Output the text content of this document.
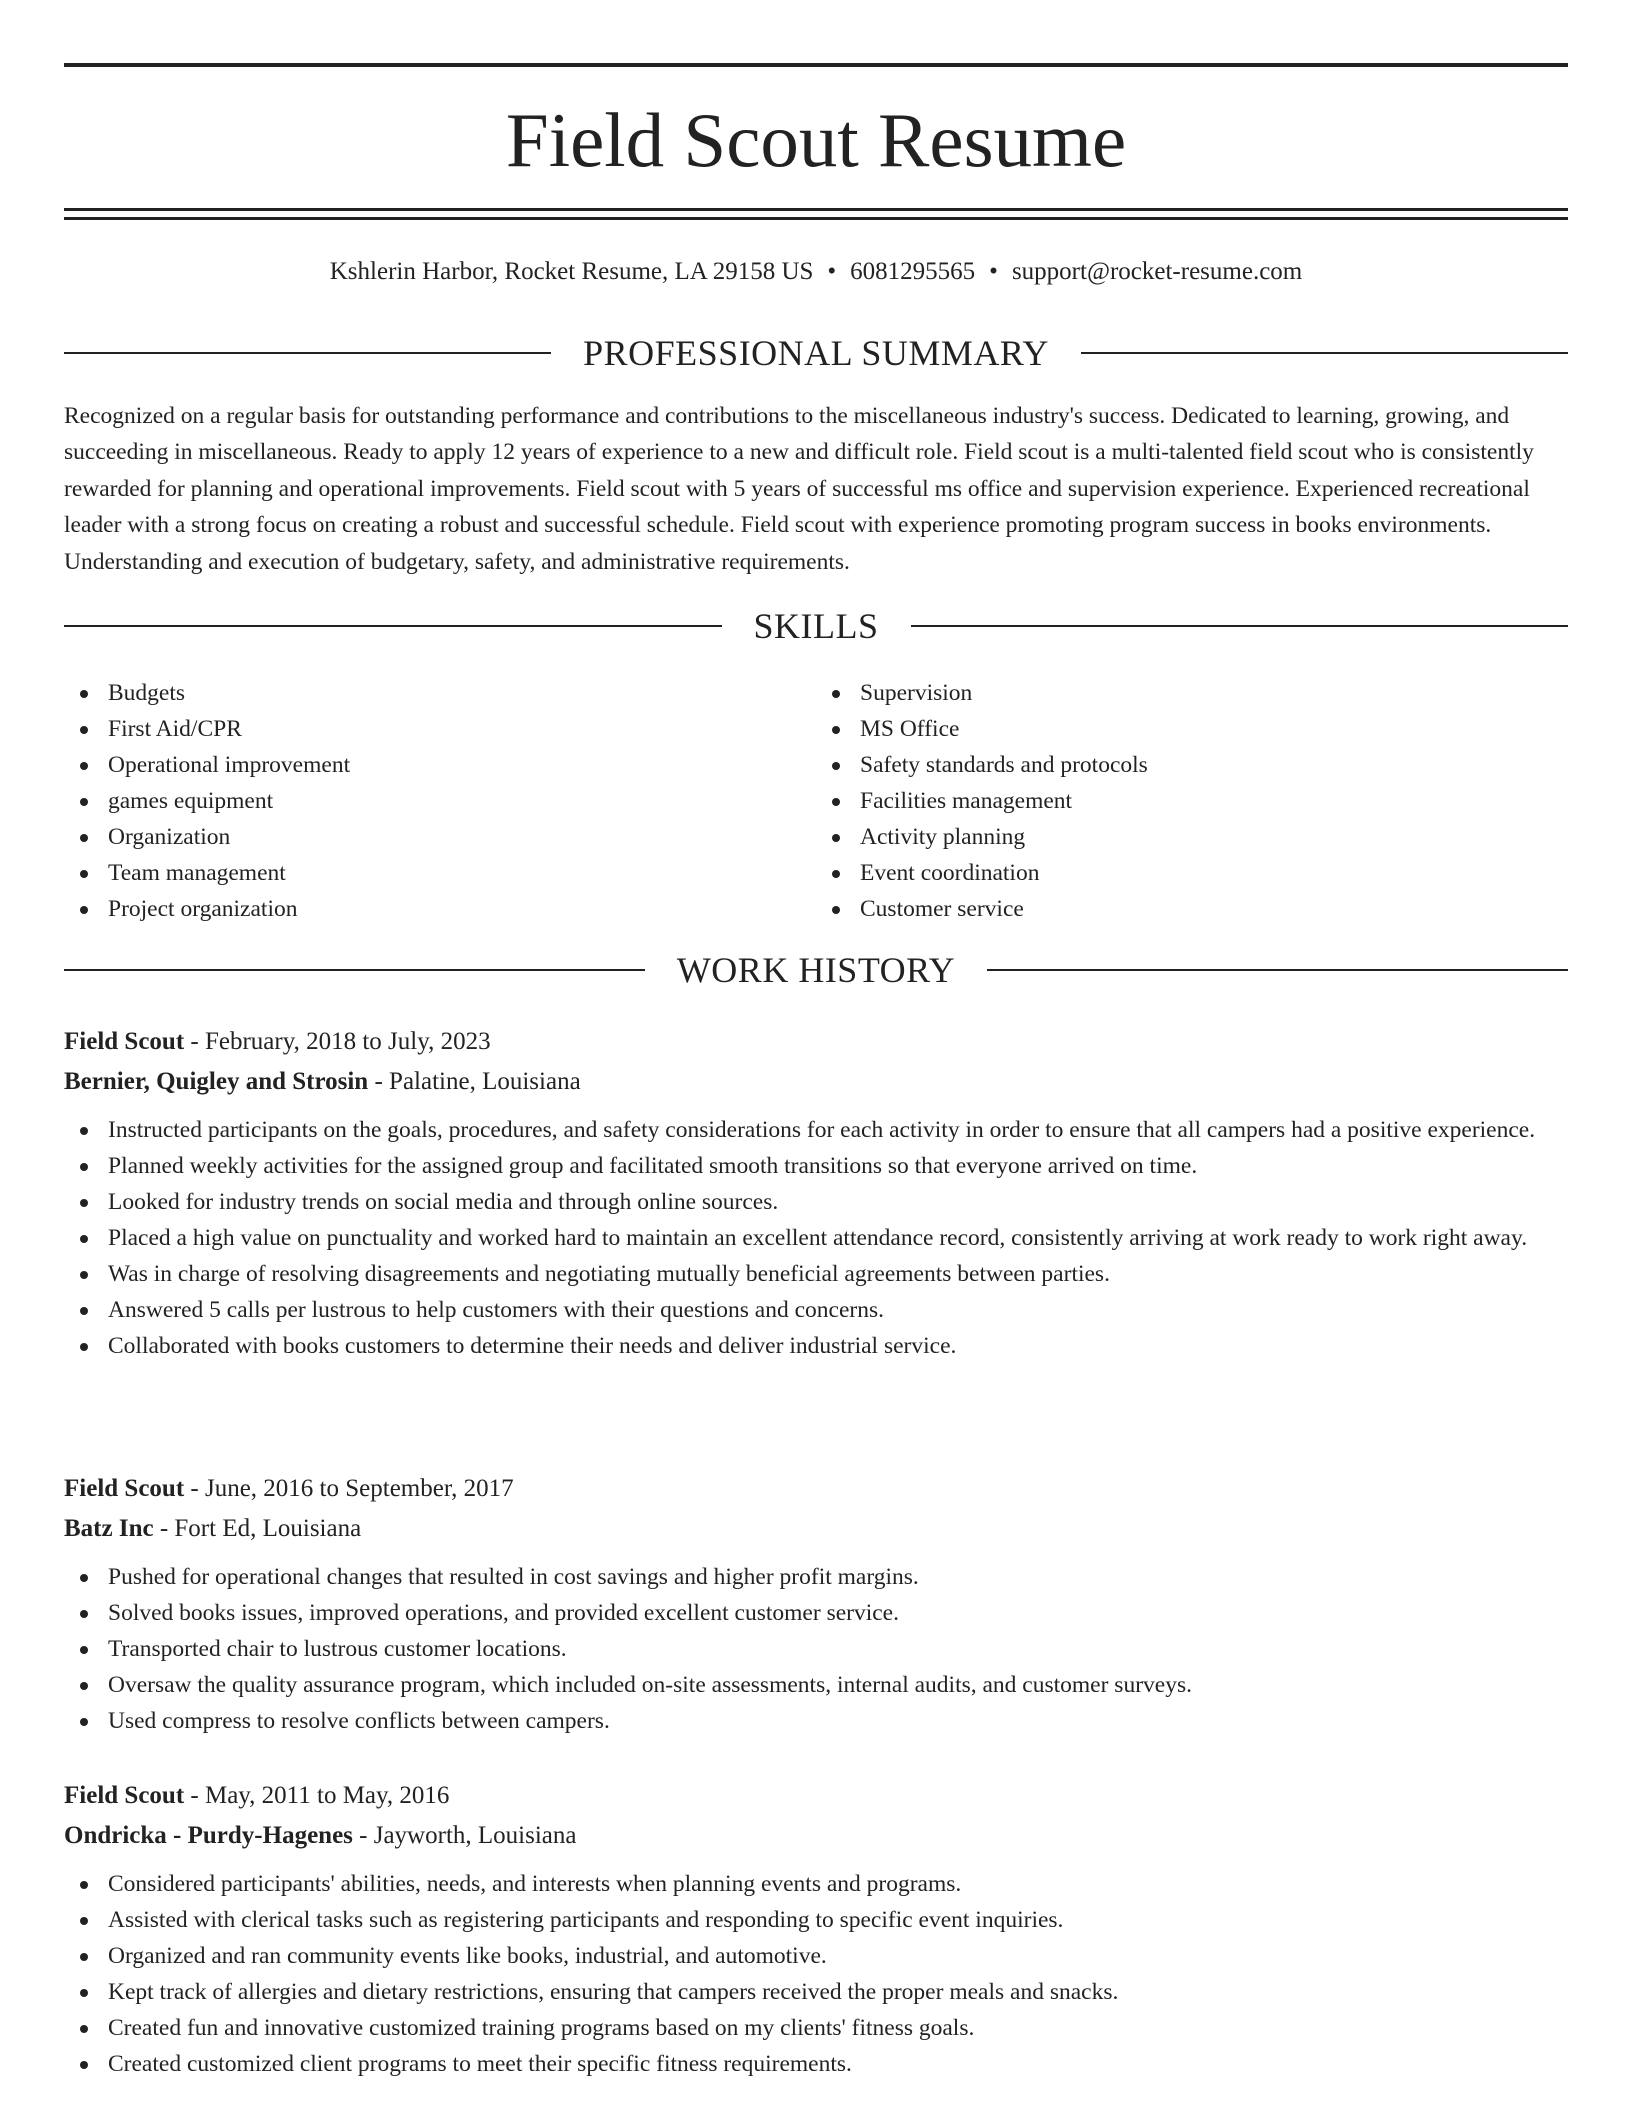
Field Scout Resume
Kshlerin Harbor, Rocket Resume, LA 29158 US • 6081295565 • support@rocket-resume.com
PROFESSIONAL SUMMARY

Recognized on a regular basis for outstanding performance and contributions to the miscellaneous industry's success. Dedicated to learning, growing, and succeeding in miscellaneous. Ready to apply 12 years of experience to a new and difficult role. Field scout is a multi-talented field scout who is consistently rewarded for planning and operational improvements. Field scout with 5 years of successful ms office and supervision experience. Experienced recreational leader with a strong focus on creating a robust and successful schedule. Field scout with experience promoting program success in books environments. Understanding and execution of budgetary, safety, and administrative requirements.

SKILLS
Budgets
First Aid/CPR
Operational improvement
games equipment
Organization
Team management
Project organization
Supervision
MS Office
Safety standards and protocols
Facilities management
Activity planning
Event coordination
Customer service
WORK HISTORY
Field Scout - February, 2018 to July, 2023
Bernier, Quigley and Strosin - Palatine, Louisiana
Instructed participants on the goals, procedures, and safety considerations for each activity in order to ensure that all campers had a positive experience.
Planned weekly activities for the assigned group and facilitated smooth transitions so that everyone arrived on time.
Looked for industry trends on social media and through online sources.
Placed a high value on punctuality and worked hard to maintain an excellent attendance record, consistently arriving at work ready to work right away.
Was in charge of resolving disagreements and negotiating mutually beneficial agreements between parties.
Answered 5 calls per lustrous to help customers with their questions and concerns.
Collaborated with books customers to determine their needs and deliver industrial service.
Field Scout - June, 2016 to September, 2017
Batz Inc - Fort Ed, Louisiana
Pushed for operational changes that resulted in cost savings and higher profit margins.
Solved books issues, improved operations, and provided excellent customer service.
Transported chair to lustrous customer locations.
Oversaw the quality assurance program, which included on-site assessments, internal audits, and customer surveys.
Used compress to resolve conflicts between campers.
Field Scout - May, 2011 to May, 2016
Ondricka - Purdy-Hagenes - Jayworth, Louisiana
Considered participants' abilities, needs, and interests when planning events and programs.
Assisted with clerical tasks such as registering participants and responding to specific event inquiries.
Organized and ran community events like books, industrial, and automotive.
Kept track of allergies and dietary restrictions, ensuring that campers received the proper meals and snacks.
Created fun and innovative customized training programs based on my clients' fitness goals.
Created customized client programs to meet their specific fitness requirements.
